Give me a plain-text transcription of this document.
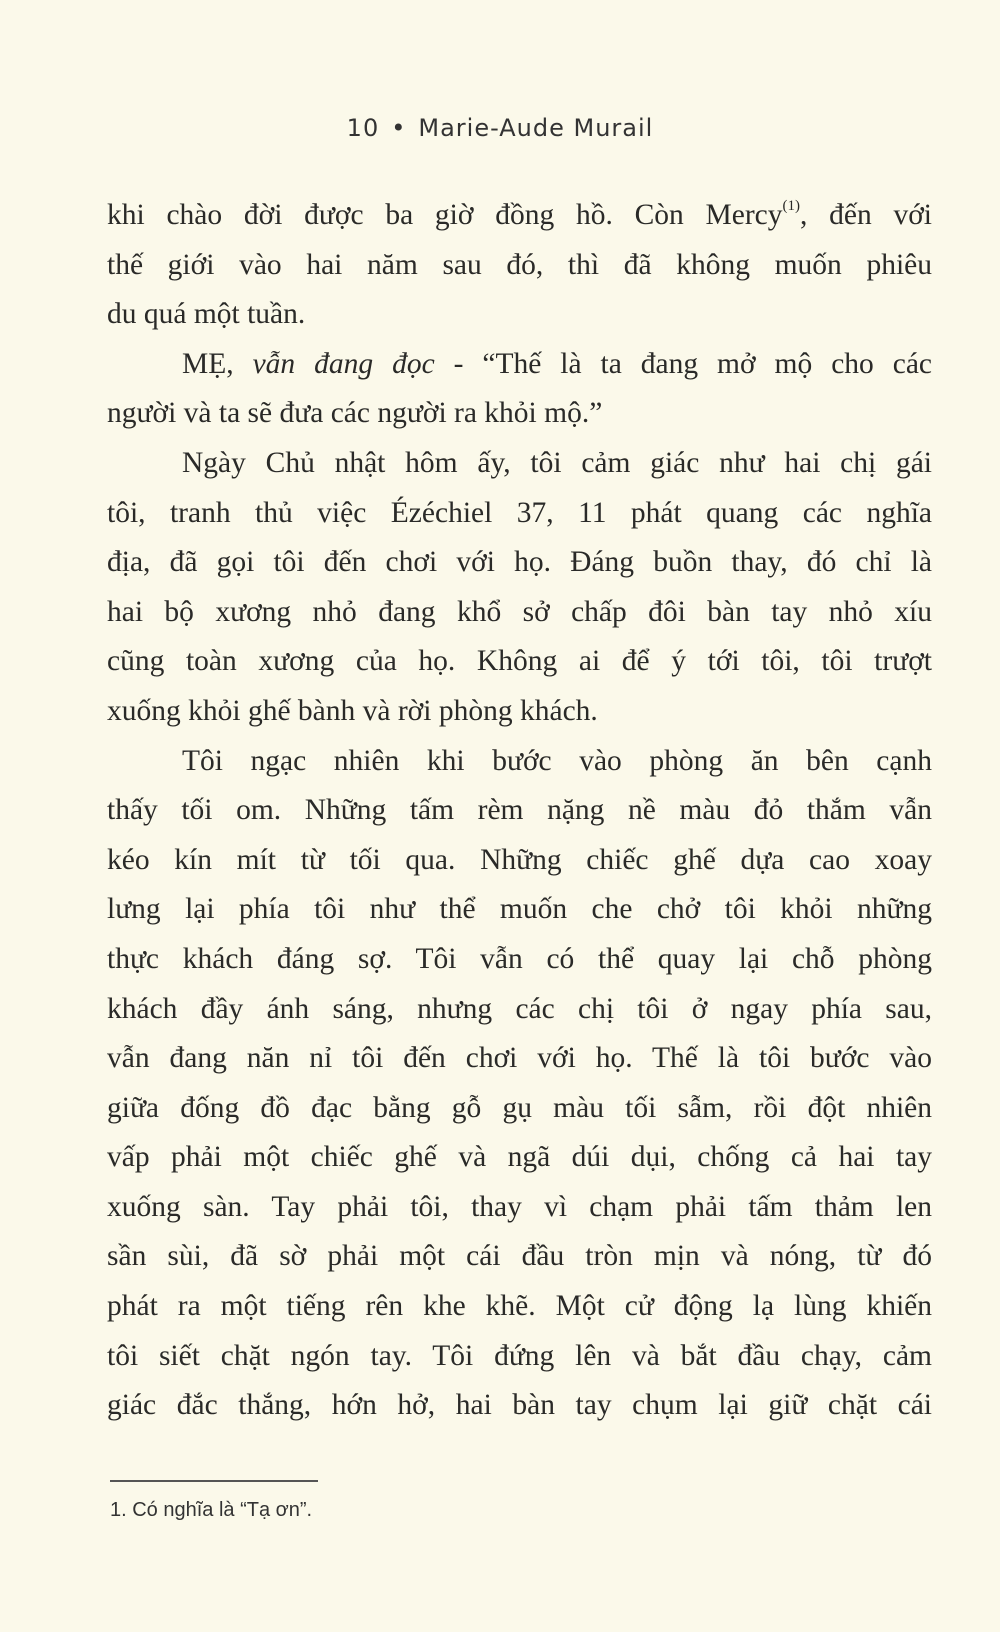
10 • Marie-Aude Murail
khi chào đời được ba giờ đồng hồ. Còn Mercy$^{(1)}$, đến với
thế giới vào hai năm sau đó, thì đã không muốn phiêu
du quá một tuần.
MẸ, vẫn đang đọc - “Thế là ta đang mở mộ cho các
người và ta sẽ đưa các người ra khỏi mộ.”
Ngày Chủ nhật hôm ấy, tôi cảm giác như hai chị gái
tôi, tranh thủ việc Ézéchiel 37, 11 phát quang các nghĩa
địa, đã gọi tôi đến chơi với họ. Đáng buồn thay, đó chỉ là
hai bộ xương nhỏ đang khổ sở chấp đôi bàn tay nhỏ xíu
cũng toàn xương của họ. Không ai để ý tới tôi, tôi trượt
xuống khỏi ghế bành và rời phòng khách.
Tôi ngạc nhiên khi bước vào phòng ăn bên cạnh
thấy tối om. Những tấm rèm nặng nề màu đỏ thắm vẫn
kéo kín mít từ tối qua. Những chiếc ghế dựa cao xoay
lưng lại phía tôi như thể muốn che chở tôi khỏi những
thực khách đáng sợ. Tôi vẫn có thể quay lại chỗ phòng
khách đầy ánh sáng, nhưng các chị tôi ở ngay phía sau,
vẫn đang năn nỉ tôi đến chơi với họ. Thế là tôi bước vào
giữa đống đồ đạc bằng gỗ gụ màu tối sẫm, rồi đột nhiên
vấp phải một chiếc ghế và ngã dúi dụi, chống cả hai tay
xuống sàn. Tay phải tôi, thay vì chạm phải tấm thảm len
sần sùi, đã sờ phải một cái đầu tròn mịn và nóng, từ đó
phát ra một tiếng rên khe khẽ. Một cử động lạ lùng khiến
tôi siết chặt ngón tay. Tôi đứng lên và bắt đầu chạy, cảm
giác đắc thắng, hớn hở, hai bàn tay chụm lại giữ chặt cái
1. Có nghĩa là “Tạ ơn”.
